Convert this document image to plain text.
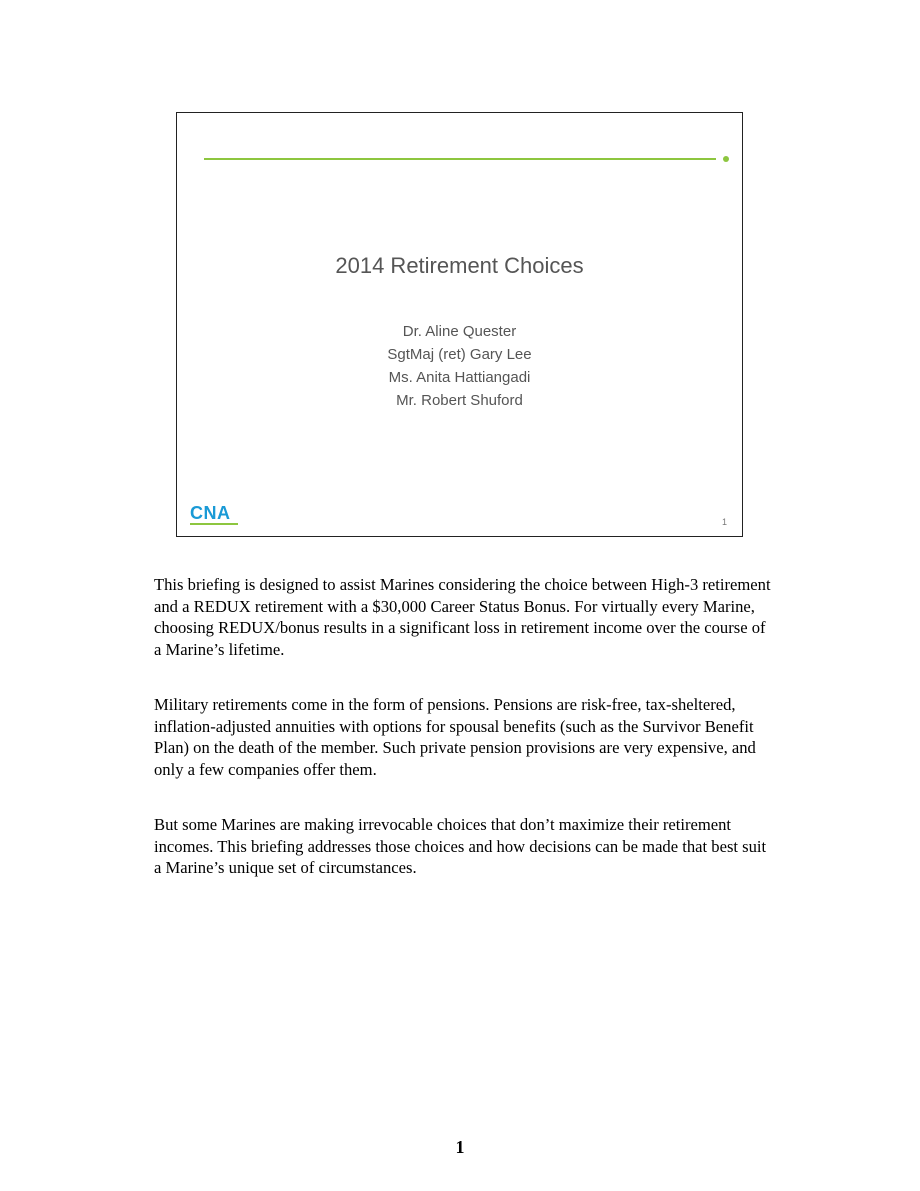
2014 Retirement Choices
Dr. Aline Quester
SgtMaj (ret) Gary Lee
Ms. Anita Hattiangadi
Mr. Robert Shuford
CNA	1

This briefing is designed to assist Marines considering the choice between High-3 retirement and a REDUX retirement with a $30,000 Career Status Bonus. For virtually every Marine, choosing REDUX/bonus results in a significant loss in retirement income over the course of a Marine’s lifetime.

Military retirements come in the form of pensions. Pensions are risk-free, tax-sheltered, inflation-adjusted annuities with options for spousal benefits (such as the Survivor Benefit Plan) on the death of the member. Such private pension provisions are very expensive, and only a few companies offer them.

But some Marines are making irrevocable choices that don’t maximize their retirement incomes. This briefing addresses those choices and how decisions can be made that best suit a Marine’s unique set of circumstances.

1
